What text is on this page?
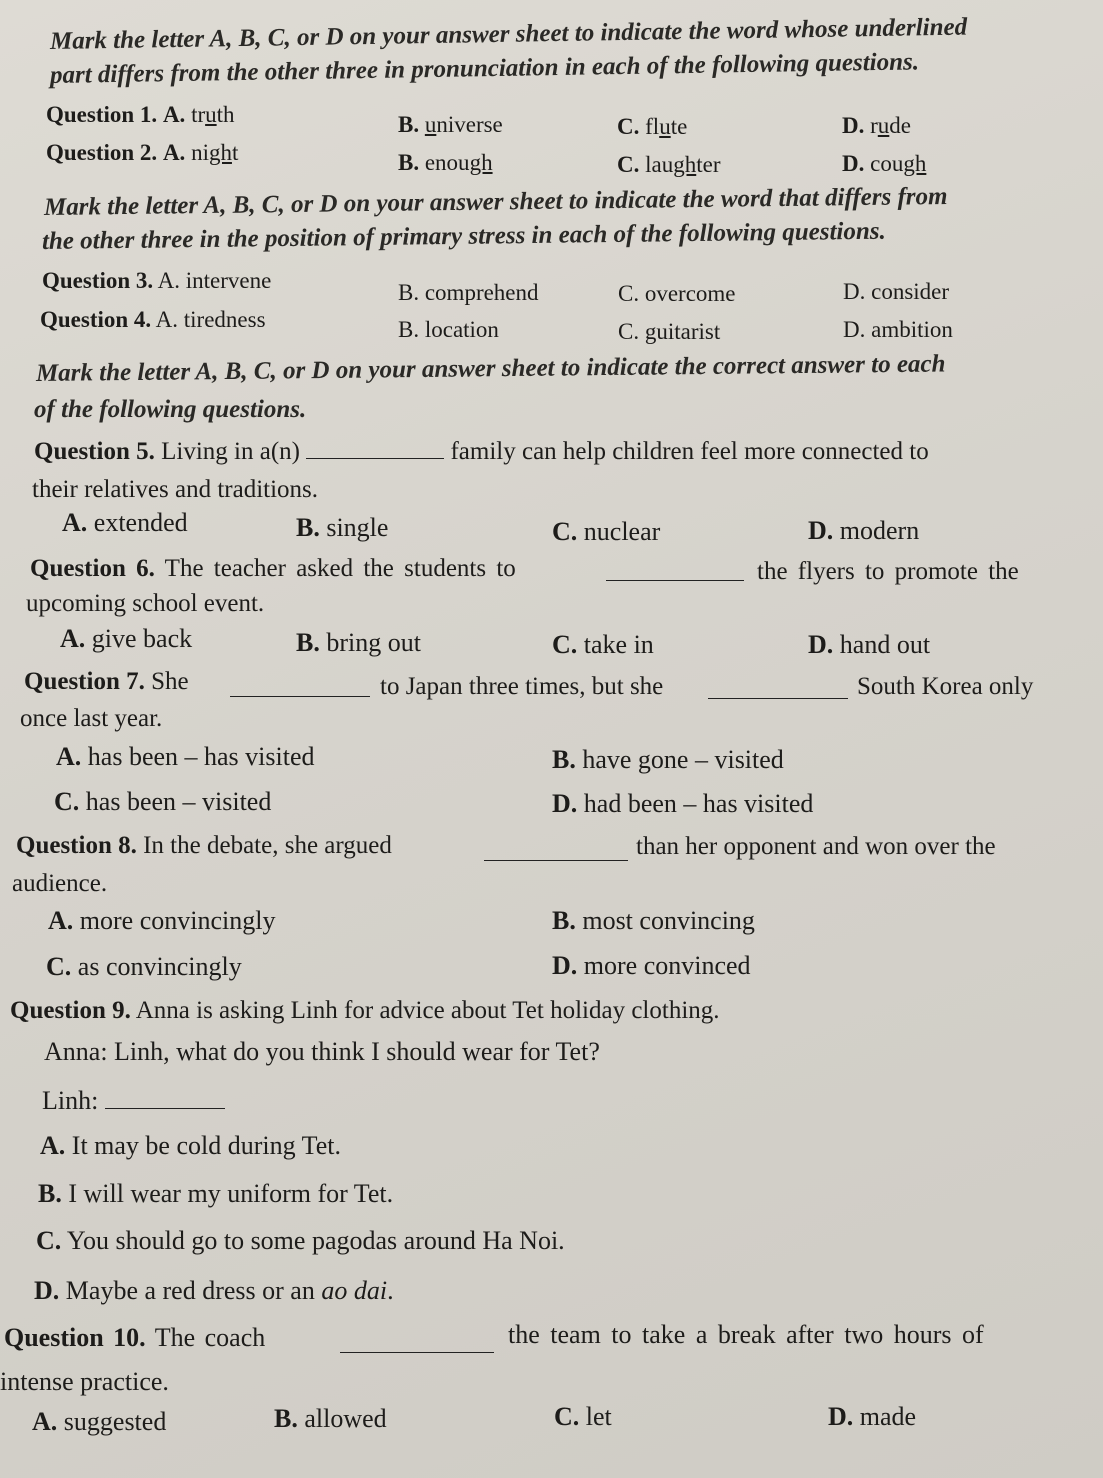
Mark the letter A, B, C, or D on your answer sheet to indicate the word whose underlined
part differs from the other three in pronunciation in each of the following questions.
Question 1. A. truth	B. universe	C. flute	D. rude
Question 2. A. night	B. enough	C. laughter	D. cough
Mark the letter A, B, C, or D on your answer sheet to indicate the word that differs from
the other three in the position of primary stress in each of the following questions.
Question 3. A. intervene	B. comprehend	C. overcome	D. consider
Question 4. A. tiredness	B. location	C. guitarist	D. ambition
Mark the letter A, B, C, or D on your answer sheet to indicate the correct answer to each
of the following questions.
Question 5. Living in a(n)	family can help children feel more connected to
their relatives and traditions.
A. extended	B. single	C. nuclear	D. modern
Question 6. The teacher asked the students to	the flyers to promote the
upcoming school event.
A. give back	B. bring out	C. take in	D. hand out
Question 7. She	to Japan three times, but she	South Korea only
once last year.
A. has been – has visited	B. have gone – visited
C. has been – visited	D. had been – has visited
Question 8. In the debate, she argued	than her opponent and won over the
audience.
A. more convincingly	B. most convincing
C. as convincingly	D. more convinced
Question 9. Anna is asking Linh for advice about Tet holiday clothing.
Anna: Linh, what do you think I should wear for Tet?
Linh:
A. It may be cold during Tet.
B. I will wear my uniform for Tet.
C. You should go to some pagodas around Ha Noi.
D. Maybe a red dress or an ao dai.
Question 10. The coach	the team to take a break after two hours of
intense practice.
A. suggested	B. allowed	C. let	D. made
